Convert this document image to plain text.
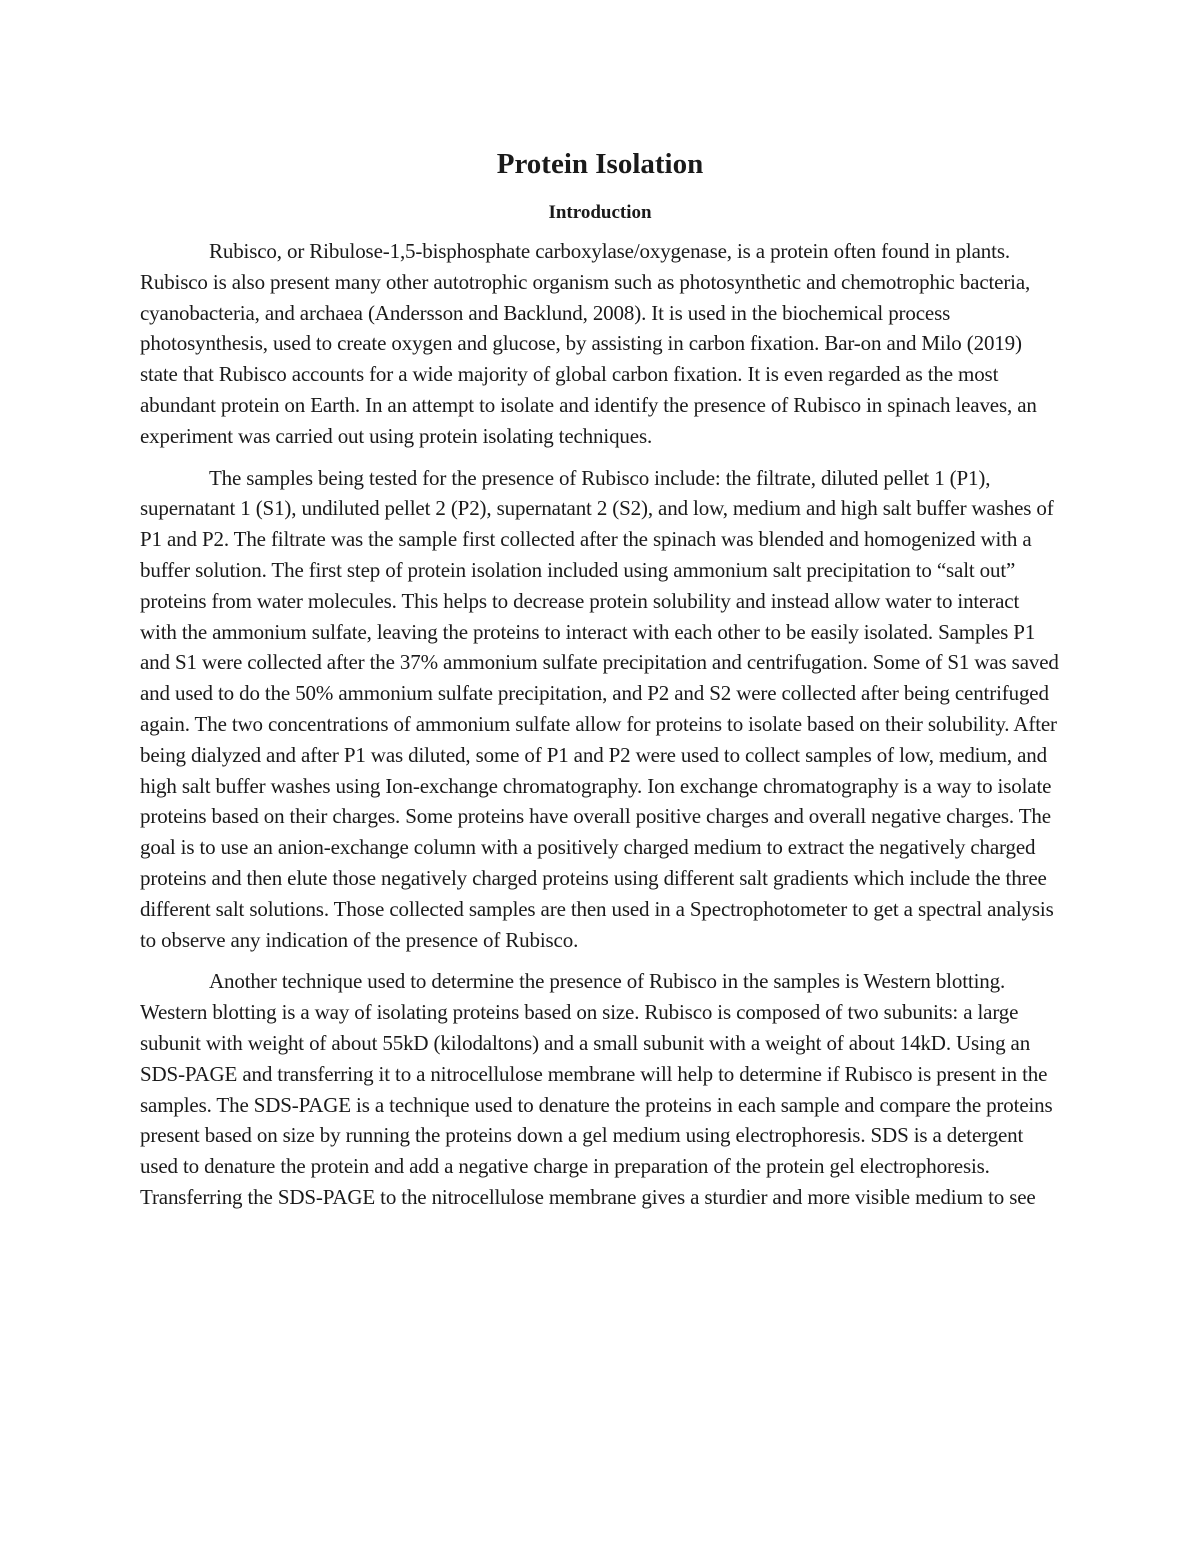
Protein Isolation
Introduction

Rubisco, or Ribulose-1,5-bisphosphate carboxylase/oxygenase, is a protein often found in plants. Rubisco is also present many other autotrophic organism such as photosynthetic and chemotrophic bacteria, cyanobacteria, and archaea (Andersson and Backlund, 2008). It is used in the biochemical process photosynthesis, used to create oxygen and glucose, by assisting in carbon fixation. Bar-on and Milo (2019) state that Rubisco accounts for a wide majority of global carbon fixation. It is even regarded as the most abundant protein on Earth. In an attempt to isolate and identify the presence of Rubisco in spinach leaves, an experiment was carried out using protein isolating techniques.

The samples being tested for the presence of Rubisco include: the filtrate, diluted pellet 1 (P1), supernatant 1 (S1), undiluted pellet 2 (P2), supernatant 2 (S2), and low, medium and high salt buffer washes of P1 and P2. The filtrate was the sample first collected after the spinach was blended and homogenized with a buffer solution. The first step of protein isolation included using ammonium salt precipitation to “salt out” proteins from water molecules. This helps to decrease protein solubility and instead allow water to interact with the ammonium sulfate, leaving the proteins to interact with each other to be easily isolated. Samples P1 and S1 were collected after the 37% ammonium sulfate precipitation and centrifugation. Some of S1 was saved and used to do the 50% ammonium sulfate precipitation, and P2 and S2 were collected after being centrifuged again. The two concentrations of ammonium sulfate allow for proteins to isolate based on their solubility. After being dialyzed and after P1 was diluted, some of P1 and P2 were used to collect samples of low, medium, and high salt buffer washes using Ion-exchange chromatography. Ion exchange chromatography is a way to isolate proteins based on their charges. Some proteins have overall positive charges and overall negative charges. The goal is to use an anion-exchange column with a positively charged medium to extract the negatively charged proteins and then elute those negatively charged proteins using different salt gradients which include the three different salt solutions. Those collected samples are then used in a Spectrophotometer to get a spectral analysis to observe any indication of the presence of Rubisco.

Another technique used to determine the presence of Rubisco in the samples is Western blotting. Western blotting is a way of isolating proteins based on size. Rubisco is composed of two subunits: a large subunit with weight of about 55kD (kilodaltons) and a small subunit with a weight of about 14kD. Using an SDS-PAGE and transferring it to a nitrocellulose membrane will help to determine if Rubisco is present in the samples. The SDS-PAGE is a technique used to denature the proteins in each sample and compare the proteins present based on size by running the proteins down a gel medium using electrophoresis. SDS is a detergent used to denature the protein and add a negative charge in preparation of the protein gel electrophoresis. Transferring the SDS-PAGE to the nitrocellulose membrane gives a sturdier and more visible medium to see
